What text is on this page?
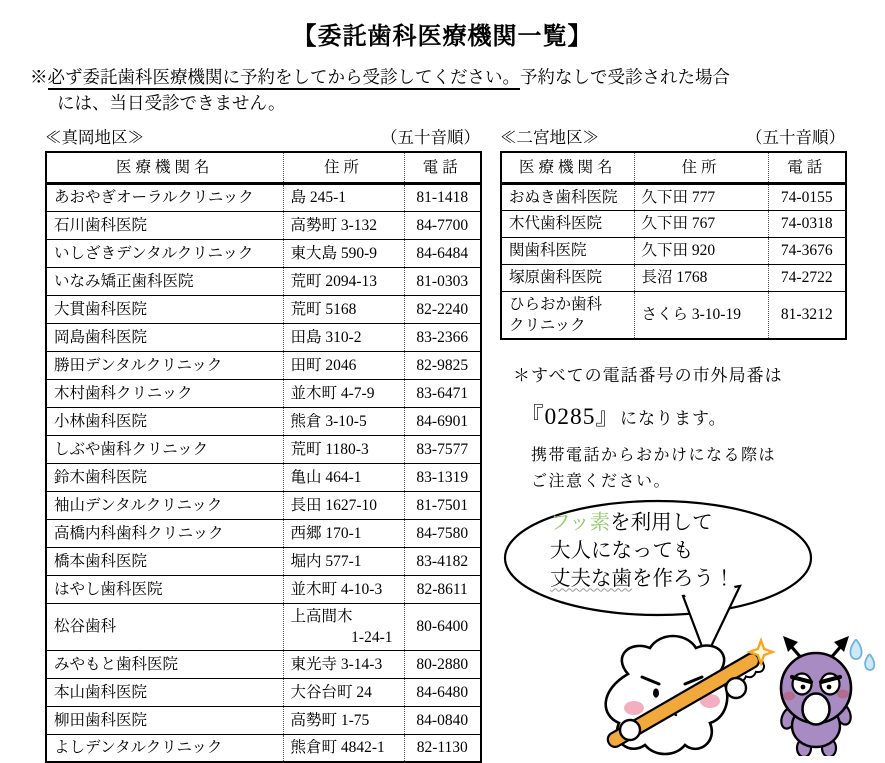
【委託歯科医療機関一覧】
※必ず委託歯科医療機関に予約をしてから受診してください。予約なしで受診された場合
には、当日受診できません。
≪真岡地区≫	（五十音順）
医療機関名	住所	電話

あおやぎオーラルクリニック	島 245-1	81-1418

石川歯科医院	高勢町 3-132	84-7700

いしざきデンタルクリニック	東大島 590-9	84-6484

いなみ矯正歯科医院	荒町 2094-13	81-0303

大貫歯科医院	荒町 5168	82-2240

岡島歯科医院	田島 310-2	83-2366

勝田デンタルクリニック	田町 2046	82-9825

木村歯科クリニック	並木町 4-7-9	83-6471

小林歯科医院	熊倉 3-10-5	84-6901

しぶや歯科クリニック	荒町 1180-3	83-7577

鈴木歯科医院	亀山 464-1	83-1319

袖山デンタルクリニック	長田 1627-10	81-7501

高橋内科歯科クリニック	西郷 170-1	84-7580

橋本歯科医院	堀内 577-1	83-4182

はやし歯科医院	並木町 4-10-3	82-8611

松谷歯科	上高間木
1-24-1	80-6400

みやもと歯科医院	東光寺 3-14-3	80-2880

本山歯科医院	大谷台町 24	84-6480

柳田歯科医院	高勢町 1-75	84-0840

よしデンタルクリニック	熊倉町 4842-1	82-1130
≪二宮地区≫	（五十音順）
医療機関名	住所	電話

おぬき歯科医院	久下田 777	74-0155

木代歯科医院	久下田 767	74-0318

関歯科医院	久下田 920	74-3676

塚原歯科医院	長沼 1768	74-2722

ひらおか歯科
クリニック	さくら 3-10-19	81-3212
＊すべての電話番号の市外局番は
『0285』になります。
携帯電話からおかけになる際は
ご注意ください。
フッ素を利用して
大人になっても
丈夫な歯を作ろう！
